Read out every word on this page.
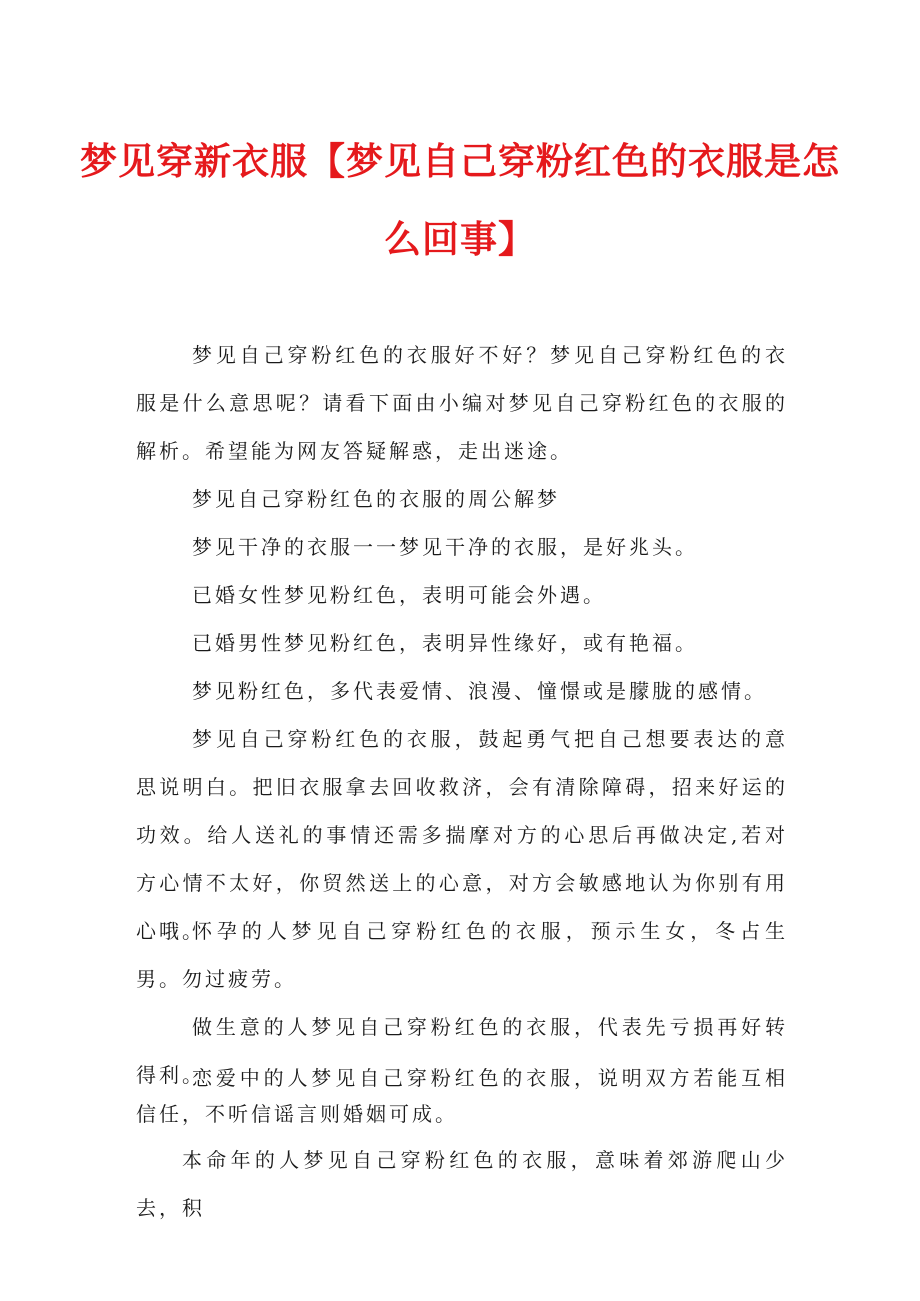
梦见穿新衣服【梦见自己穿粉红色的衣服是怎
么回事】

梦见自己穿粉红色的衣服好不好？梦见自己穿粉红色的衣服是什么意思呢？请看下面由小编对梦见自己穿粉红色的衣服的解析。希望能为网友答疑解惑，走出迷途。

梦见自己穿粉红色的衣服的周公解梦

梦见干净的衣服一一梦见干净的衣服，是好兆头。

已婚女性梦见粉红色，表明可能会外遇。

已婚男性梦见粉红色，表明异性缘好，或有艳福。

梦见粉红色，多代表爱情、浪漫、憧憬或是朦胧的感情。

梦见自己穿粉红色的衣服，鼓起勇气把自己想要表达的意思说明白。把旧衣服拿去回收救济，会有清除障碍，招来好运的功效。给人送礼的事情还需多揣摩对方的心思后再做决定,若对方心情不太好，你贸然送上的心意，对方会敏感地认为你别有用心哦。

怀孕的人梦见自己穿粉红色的衣服，预示生女，冬占生男。勿过疲劳。

做生意的人梦见自己穿粉红色的衣服，代表先亏损再好转得利。

恋爱中的人梦见自己穿粉红色的衣服，说明双方若能互相信任，不听信谣言则婚姻可成。

本命年的人梦见自己穿粉红色的衣服，意味着郊游爬山少去，积
